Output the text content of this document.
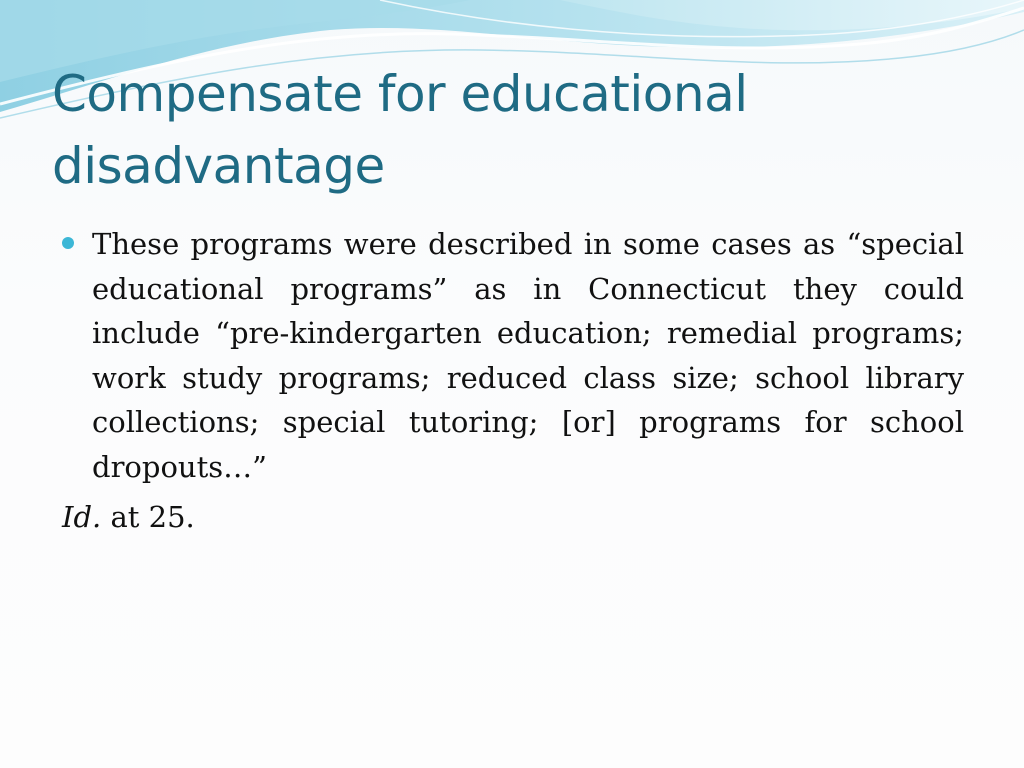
Compensate for educational disadvantage
These programs were described in some cases as “special educational programs” as in Connecticut they could include “pre-kindergarten education; remedial programs; work study programs; reduced class size; school library collections; special tutoring; [or] programs for school dropouts…”
Id. at 25.
